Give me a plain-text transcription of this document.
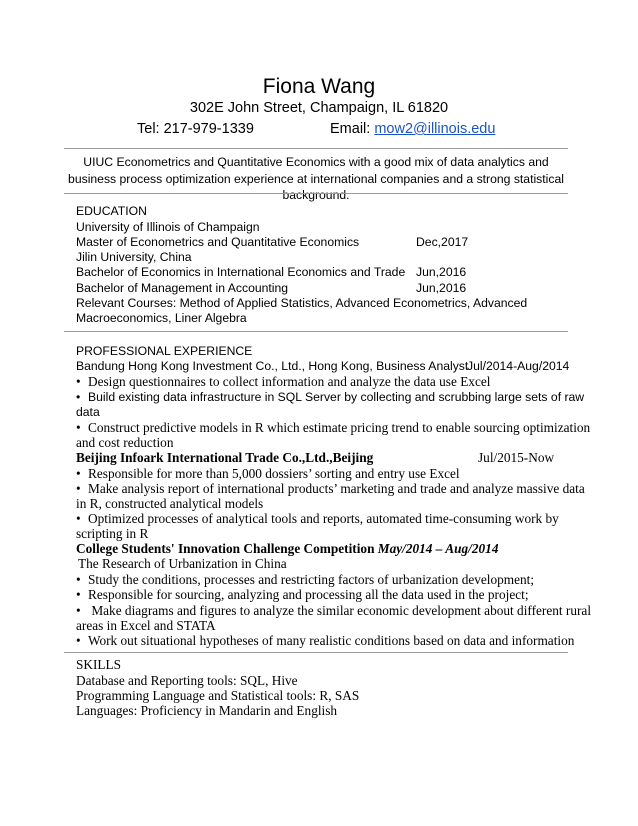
Fiona Wang
302E John Street, Champaign, IL 61820
Tel: 217-979-1339	Email: mow2@illinois.edu
UIUC Econometrics and Quantitative Economics with a good mix of data analytics and business process optimization experience at international companies and a strong statistical background.
EDUCATION
University of Illinois of Champaign
Master of Econometrics and Quantitative Economics	Dec,2017
Jilin University, China
Bachelor of Economics in International Economics and Trade Jun,2016
Bachelor of Management in Accounting	Jun,2016
Relevant Courses: Method of Applied Statistics, Advanced Econometrics, Advanced
Macroeconomics, Liner Algebra
PROFESSIONAL EXPERIENCE
Bandung Hong Kong Investment Co., Ltd., Hong Kong, Business Analyst
Jul/2014-Aug/2014
• Design questionnaires to collect information and analyze the data use Excel
• Build existing data infrastructure in SQL Server by collecting and scrubbing large sets of raw
data
• Construct predictive models in R which estimate pricing trend to enable sourcing optimization
and cost reduction
Beijing Infoark International Trade Co.,Ltd.,Beijing	Jul/2015-Now
• Responsible for more than 5,000 dossiers’ sorting and entry use Excel
• Make analysis report of international products’ marketing and trade and analyze massive data
in R, constructed analytical models
• Optimized processes of analytical tools and reports, automated time-consuming work by
scripting in R
College Students' Innovation Challenge Competition May/2014 – Aug/2014
The Research of Urbanization in China
• Study the conditions, processes and restricting factors of urbanization development;
• Responsible for sourcing, analyzing and processing all the data used in the project;
• Make diagrams and figures to analyze the similar economic development about different rural
areas in Excel and STATA
• Work out situational hypotheses of many realistic conditions based on data and information
SKILLS
Database and Reporting tools: SQL, Hive
Programming Language and Statistical tools: R, SAS
Languages: Proficiency in Mandarin and English
